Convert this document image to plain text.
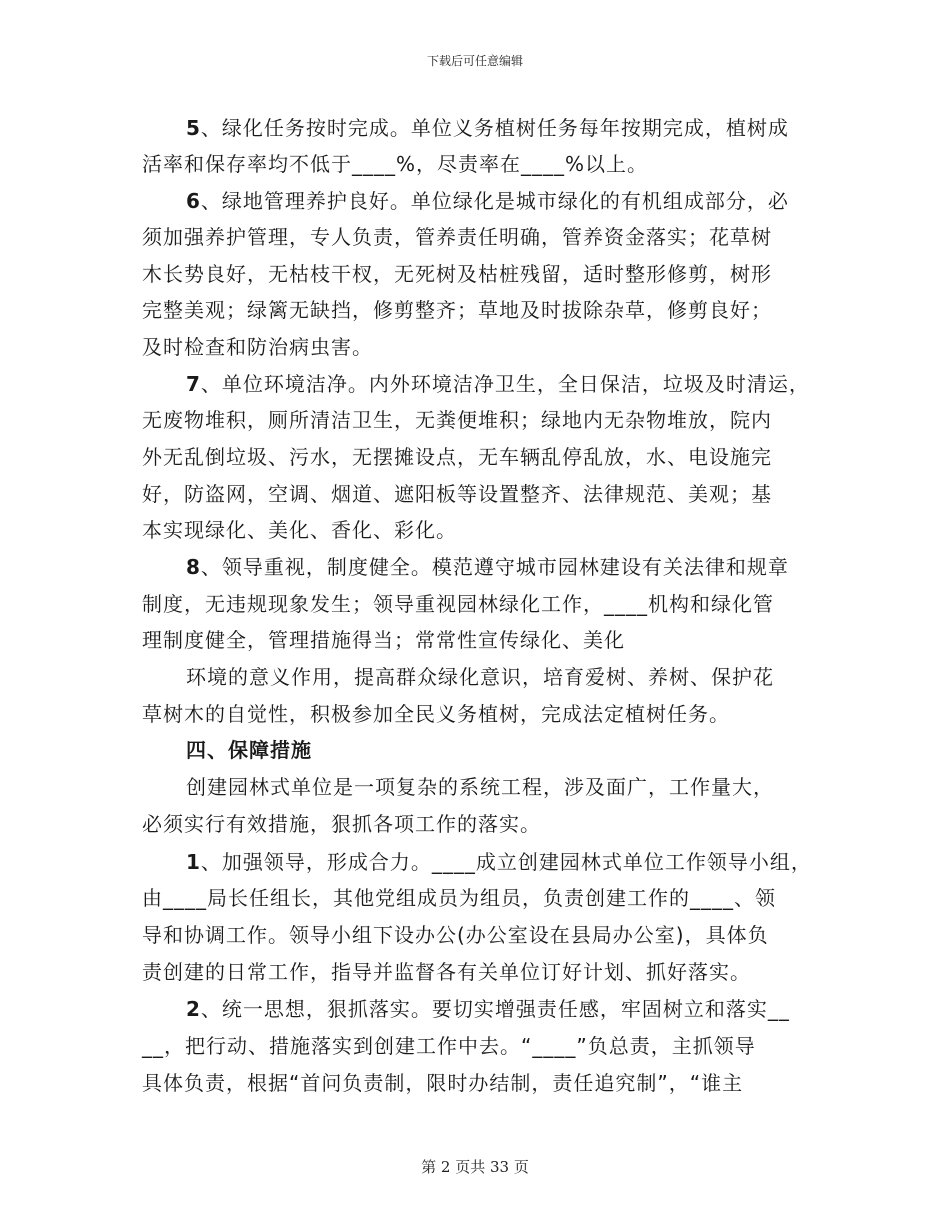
下载后可任意编辑
5、绿化任务按时完成。单位义务植树任务每年按期完成，植树成
活率和保存率均不低于____%，尽责率在____%以上。
6、绿地管理养护良好。单位绿化是城市绿化的有机组成部分，必
须加强养护管理，专人负责，管养责任明确，管养资金落实；花草树
木长势良好，无枯枝干杈，无死树及枯桩残留，适时整形修剪，树形
完整美观；绿篱无缺挡，修剪整齐；草地及时拔除杂草，修剪良好；
及时检查和防治病虫害。
7、单位环境洁净。内外环境洁净卫生，全日保洁，垃圾及时清运，
无废物堆积，厕所清洁卫生，无粪便堆积；绿地内无杂物堆放，院内
外无乱倒垃圾、污水，无摆摊设点，无车辆乱停乱放，水、电设施完
好，防盗网，空调、烟道、遮阳板等设置整齐、法律规范、美观；基
本实现绿化、美化、香化、彩化。
8、领导重视，制度健全。模范遵守城市园林建设有关法律和规章
制度，无违规现象发生；领导重视园林绿化工作，____机构和绿化管
理制度健全，管理措施得当；常常性宣传绿化、美化
环境的意义作用，提高群众绿化意识，培育爱树、养树、保护花
草树木的自觉性，积极参加全民义务植树，完成法定植树任务。
四、保障措施
创建园林式单位是一项复杂的系统工程，涉及面广，工作量大，
必须实行有效措施，狠抓各项工作的落实。
1、加强领导，形成合力。____成立创建园林式单位工作领导小组，
由____局长任组长，其他党组成员为组员，负责创建工作的____、领
导和协调工作。领导小组下设办公(办公室设在县局办公室)，具体负
责创建的日常工作，指导并监督各有关单位订好计划、抓好落实。
2、统一思想，狠抓落实。要切实增强责任感，牢固树立和落实__
__，把行动、措施落实到创建工作中去。“____”负总责，主抓领导
具体负责，根据“首问负责制，限时办结制，责任追究制”，“谁主
第 2 页共 33 页
